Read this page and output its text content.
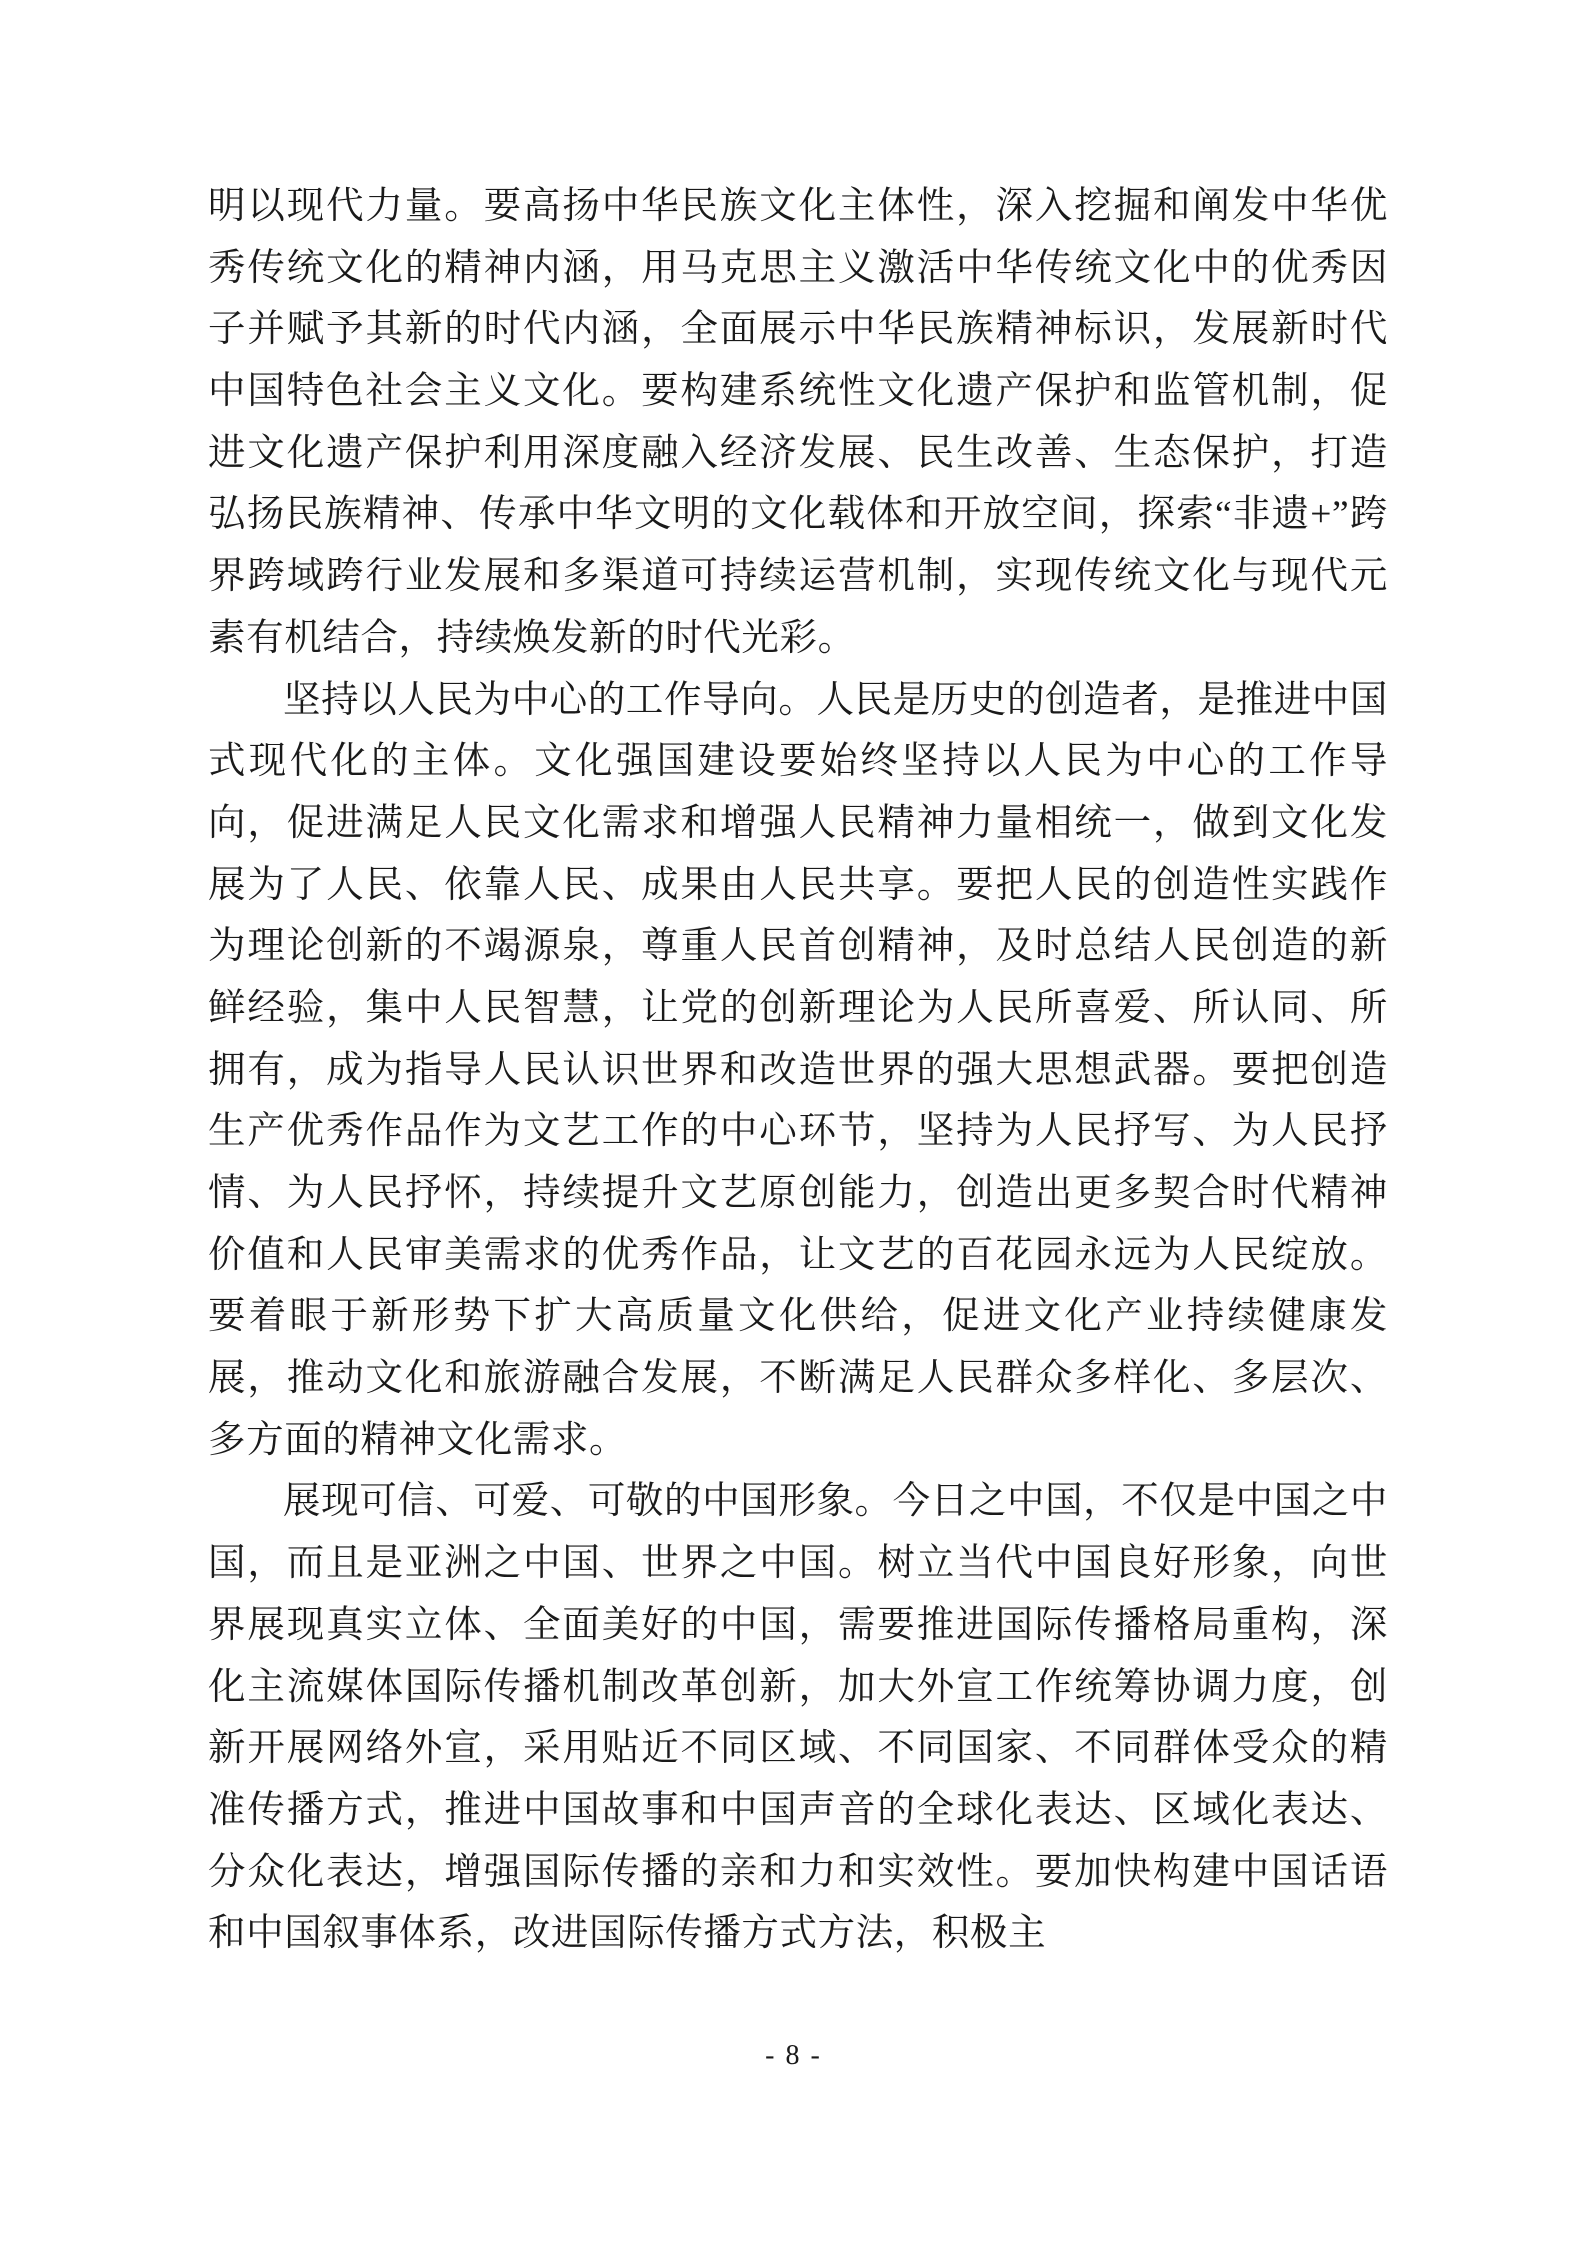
明以现代力量。要高扬中华民族文化主体性，深入挖掘和阐发中华优秀传统文化的精神内涵，用马克思主义激活中华传统文化中的优秀因子并赋予其新的时代内涵，全面展示中华民族精神标识，发展新时代中国特色社会主义文化。要构建系统性文化遗产保护和监管机制，促进文化遗产保护利用深度融入经济发展、民生改善、生态保护，打造弘扬民族精神、传承中华文明的文化载体和开放空间，探索“非遗+”跨界跨域跨行业发展和多渠道可持续运营机制，实现传统文化与现代元素有机结合，持续焕发新的时代光彩。

坚持以人民为中心的工作导向。人民是历史的创造者，是推进中国式现代化的主体。文化强国建设要始终坚持以人民为中心的工作导向，促进满足人民文化需求和增强人民精神力量相统一，做到文化发展为了人民、依靠人民、成果由人民共享。要把人民的创造性实践作为理论创新的不竭源泉，尊重人民首创精神，及时总结人民创造的新鲜经验，集中人民智慧，让党的创新理论为人民所喜爱、所认同、所拥有，成为指导人民认识世界和改造世界的强大思想武器。要把创造生产优秀作品作为文艺工作的中心环节，坚持为人民抒写、为人民抒情、为人民抒怀，持续提升文艺原创能力，创造出更多契合时代精神价值和人民审美需求的优秀作品，让文艺的百花园永远为人民绽放。要着眼于新形势下扩大高质量文化供给，促进文化产业持续健康发展，推动文化和旅游融合发展，不断满足人民群众多样化、多层次、多方面的精神文化需求。

展现可信、可爱、可敬的中国形象。今日之中国，不仅是中国之中国，而且是亚洲之中国、世界之中国。树立当代中国良好形象，向世界展现真实立体、全面美好的中国，需要推进国际传播格局重构，深化主流媒体国际传播机制改革创新，加大外宣工作统筹协调力度，创新开展网络外宣，采用贴近不同区域、不同国家、不同群体受众的精准传播方式，推进中国故事和中国声音的全球化表达、区域化表达、分众化表达，增强国际传播的亲和力和实效性。要加快构建中国话语和中国叙事体系，改进国际传播方式方法，积极主

- 8 -
